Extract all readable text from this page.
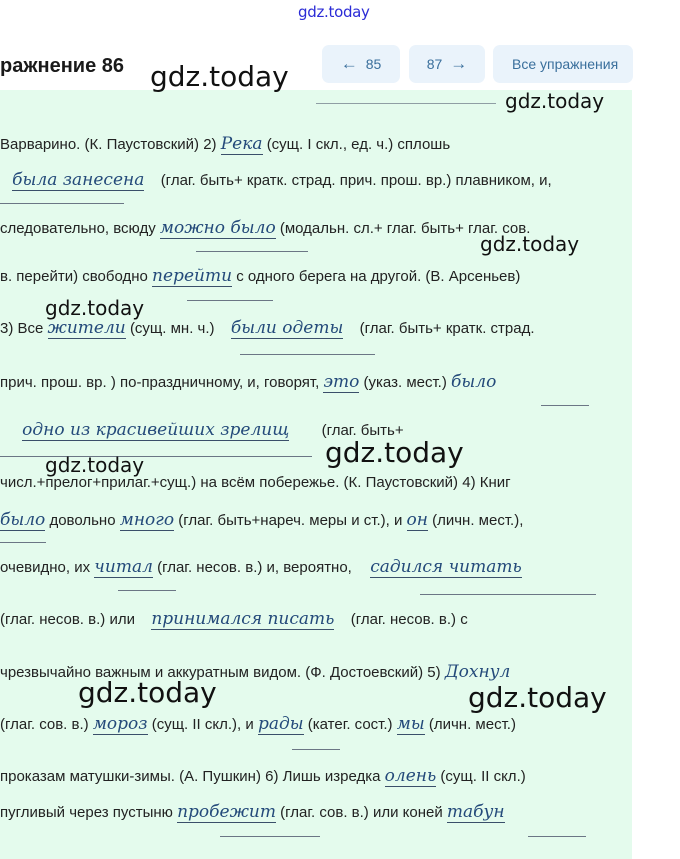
gdz.today
ражнение 86	← 85	87 →	Все упражнения
Варварино. (К. Паустовский) 2) Река (сущ. I скл., ед. ч.) сплошь
была занесена (глаг. быть+ кратк. страд. прич. прош. вр.) плавником, и,
следовательно, всюду можно было (модальн. сл.+ глаг. быть+ глаг. сов.
в. перейти) свободно перейти с одного берега на другой. (В. Арсеньев)
3) Все жители (сущ. мн. ч.) были одеты (глаг. быть+ кратк. страд.
прич. прош. вр. ) по-праздничному, и, говорят, это (указ. мест.) было
одно из красивейших зрелищ (глаг. быть+
числ.+прелог+прилаг.+сущ.) на всём побережье. (К. Паустовский) 4) Книг
было довольно много (глаг. быть+нареч. меры и ст.), и он (личн. мест.),
очевидно, их читал (глаг. несов. в.) и, вероятно, садился читать
(глаг. несов. в.) или принимался писать (глаг. несов. в.) с
чрезвычайно важным и аккуратным видом. (Ф. Достоевский) 5) Дохнул
(глаг. сов. в.) мороз (сущ. II скл.), и рады (катег. сост.) мы (личн. мест.)
проказам матушки-зимы. (А. Пушкин) 6) Лишь изредка олень (сущ. II скл.)
пугливый через пустыню пробежит (глаг. сов. в.) или коней табун
gdz.today
gdz.today
gdz.today
gdz.today
gdz.today
gdz.today
gdz.today	gdz.today
